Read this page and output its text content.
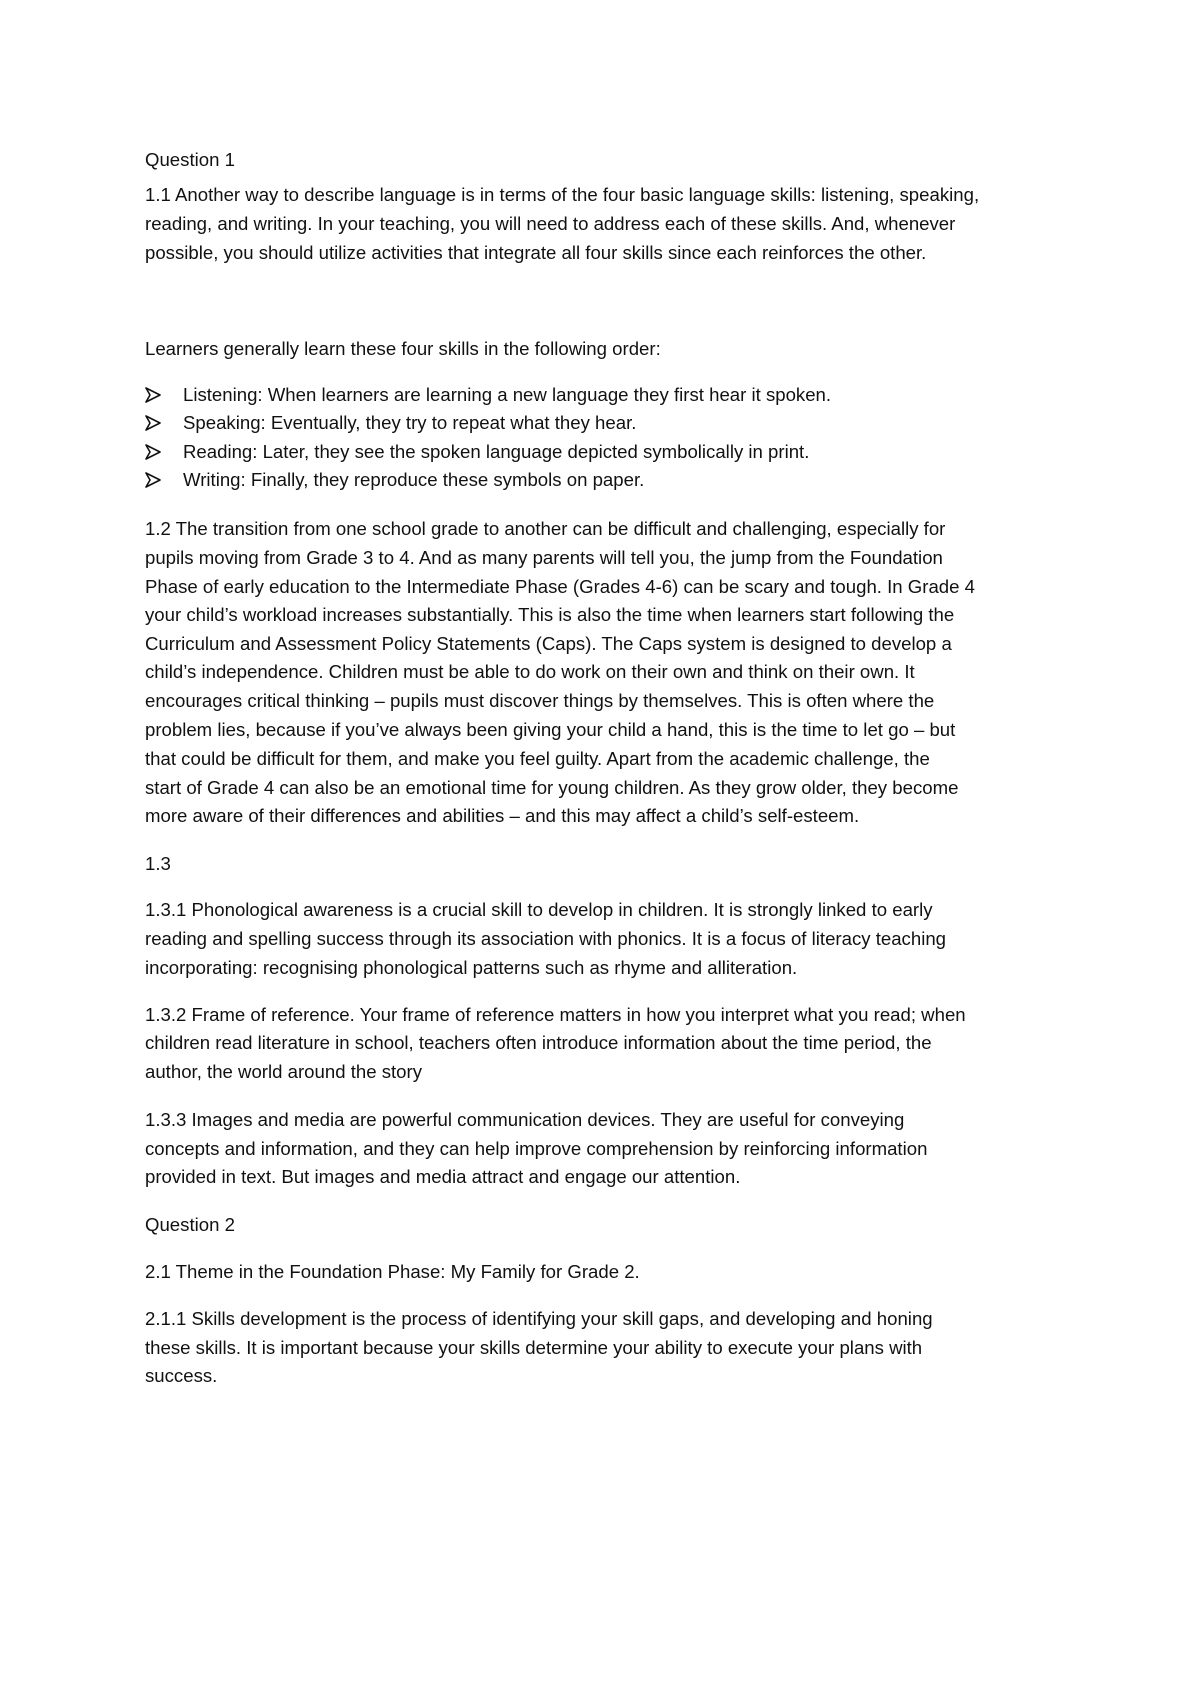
Question 1
1.1 Another way to describe language is in terms of the four basic language skills: listening, speaking,
reading, and writing. In your teaching, you will need to address each of these skills. And, whenever
possible, you should utilize activities that integrate all four skills since each reinforces the other.
Learners generally learn these four skills in the following order:
Listening: When learners are learning a new language they first hear it spoken.
Speaking: Eventually, they try to repeat what they hear.
Reading: Later, they see the spoken language depicted symbolically in print.
Writing: Finally, they reproduce these symbols on paper.
1.2 The transition from one school grade to another can be difficult and challenging, especially for
pupils moving from Grade 3 to 4. And as many parents will tell you, the jump from the Foundation
Phase of early education to the Intermediate Phase (Grades 4-6) can be scary and tough. In Grade 4
your child’s workload increases substantially. This is also the time when learners start following the
Curriculum and Assessment Policy Statements (Caps). The Caps system is designed to develop a
child’s independence. Children must be able to do work on their own and think on their own. It
encourages critical thinking – pupils must discover things by themselves. This is often where the
problem lies, because if you’ve always been giving your child a hand, this is the time to let go – but
that could be difficult for them, and make you feel guilty. Apart from the academic challenge, the
start of Grade 4 can also be an emotional time for young children. As they grow older, they become
more aware of their differences and abilities – and this may affect a child’s self-esteem.
1.3
1.3.1 Phonological awareness is a crucial skill to develop in children. It is strongly linked to early
reading and spelling success through its association with phonics. It is a focus of literacy teaching
incorporating: recognising phonological patterns such as rhyme and alliteration.
1.3.2 Frame of reference. Your frame of reference matters in how you interpret what you read; when
children read literature in school, teachers often introduce information about the time period, the
author, the world around the story
1.3.3 Images and media are powerful communication devices. They are useful for conveying
concepts and information, and they can help improve comprehension by reinforcing information
provided in text. But images and media attract and engage our attention.
Question 2
2.1 Theme in the Foundation Phase: My Family for Grade 2.
2.1.1 Skills development is the process of identifying your skill gaps, and developing and honing
these skills. It is important because your skills determine your ability to execute your plans with
success.
